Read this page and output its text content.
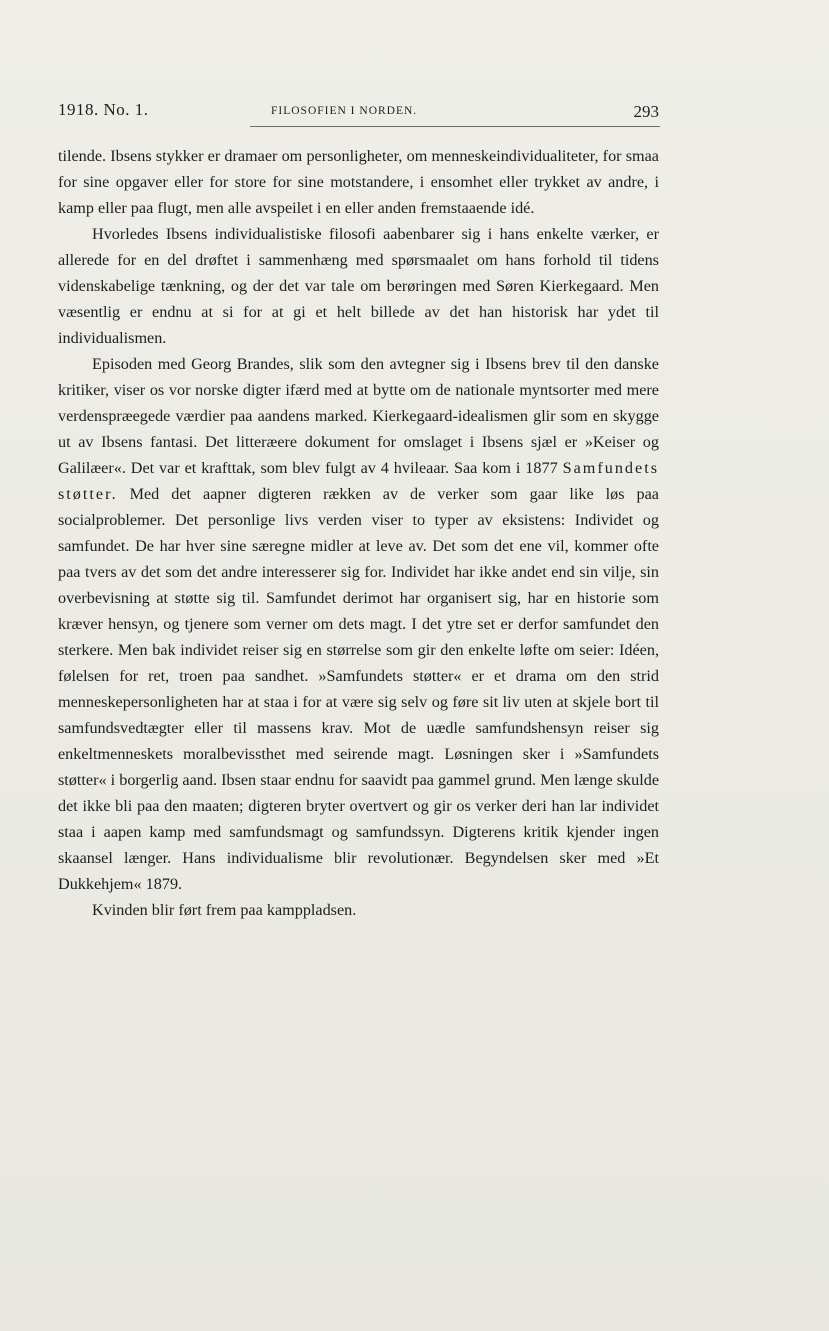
1918. No. 1.	FILOSOFIEN I NORDEN.	293

tilende. Ibsens stykker er dramaer om personligheter, om menneskeindividualiteter, for smaa for sine opgaver eller for store for sine motstandere, i ensomhet eller trykket av andre, i kamp eller paa flugt, men alle avspeilet i en eller anden fremstaaende idé.

Hvorledes Ibsens individualistiske filosofi aabenbarer sig i hans enkelte værker, er allerede for en del drøftet i sammenhæng med spørsmaalet om hans forhold til tidens videnskabelige tænkning, og der det var tale om berøringen med Søren Kierkegaard. Men væsentlig er endnu at si for at gi et helt billede av det han historisk har ydet til individualismen.

Episoden med Georg Brandes, slik som den avtegner sig i Ibsens brev til den danske kritiker, viser os vor norske digter ifærd med at bytte om de nationale myntsorter med mere verdenspræegede værdier paa aandens marked. Kierkegaard-idealismen glir som en skygge ut av Ibsens fantasi. Det litteræere dokument for omslaget i Ibsens sjæl er »Keiser og Galilæer«. Det var et krafttak, som blev fulgt av 4 hvileaar. Saa kom i 1877 Samfundets støtter. Med det aapner digteren rækken av de verker som gaar like løs paa socialproblemer. Det personlige livs verden viser to typer av eksistens: Individet og samfundet. De har hver sine særegne midler at leve av. Det som det ene vil, kommer ofte paa tvers av det som det andre interesserer sig for. Individet har ikke andet end sin vilje, sin overbevisning at støtte sig til. Samfundet derimot har organisert sig, har en historie som kræver hensyn, og tjenere som verner om dets magt. I det ytre set er derfor samfundet den sterkere. Men bak individet reiser sig en størrelse som gir den enkelte løfte om seier: Idéen, følelsen for ret, troen paa sandhet. »Samfundets støtter« er et drama om den strid menneskepersonligheten har at staa i for at være sig selv og føre sit liv uten at skjele bort til samfundsvedtægter eller til massens krav. Mot de uædle samfundshensyn reiser sig enkeltmenneskets moralbevissthet med seirende magt. Løsningen sker i »Samfundets støtter« i borgerlig aand. Ibsen staar endnu for saavidt paa gammel grund. Men længe skulde det ikke bli paa den maaten; digteren bryter overtvert og gir os verker deri han lar individet staa i aapen kamp med samfundsmagt og samfundssyn. Digterens kritik kjender ingen skaansel længer. Hans individualisme blir revolutionær. Begyndelsen sker med »Et Dukkehjem« 1879.

Kvinden blir ført frem paa kamppladsen.
